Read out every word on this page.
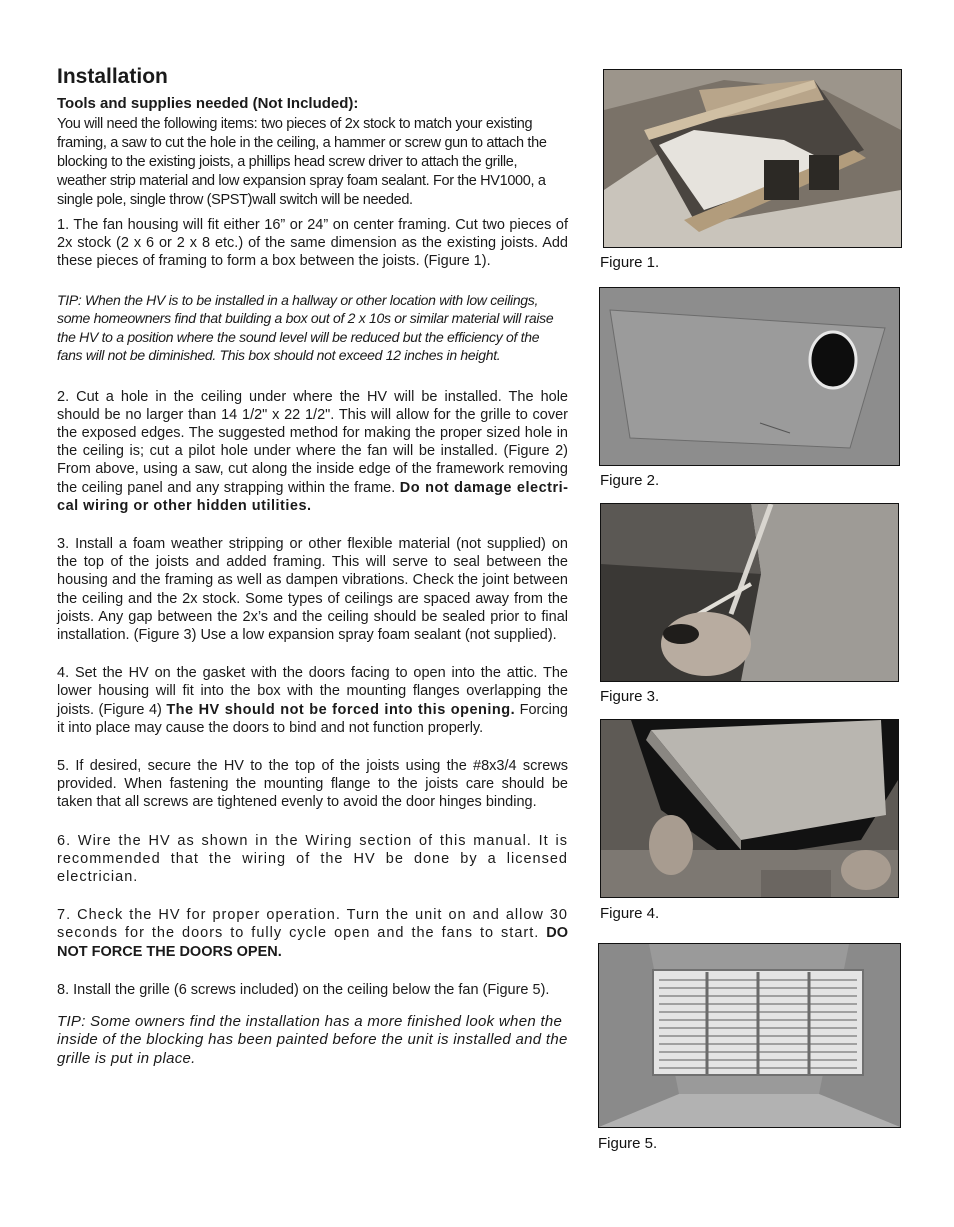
Installation
Tools and supplies needed (Not Included):

You will need the following items: two pieces of 2x stock to match your existing framing, a saw to cut the hole in the ceiling, a hammer or screw gun to attach the blocking to the existing joists, a phillips head screw driver to attach the grille, weather strip material and low expansion spray foam sealant. For the HV1000, a single pole, single throw (SPST)wall switch will be needed.

1. The fan housing will fit either 16” or 24” on center framing. Cut two pieces of 2x stock (2 x 6 or 2 x 8 etc.) of the same dimension as the existing joists. Add these pieces of framing to form a box between the joists. (Figure 1).

TIP: When the HV is to be installed in a hallway or other location with low ceilings, some homeowners find that building a box out of 2 x 10s or similar material will raise the HV to a position where the sound level will be reduced but the efficiency of the fans will not be diminished. This box should not exceed 12 inches in height.

2. Cut a hole in the ceiling under where the HV will be installed. The hole should be no larger than 14 1/2" x 22 1/2". This will allow for the grille to cover the exposed edges. The suggested method for making the proper sized hole in the ceiling is; cut a pilot hole under where the fan will be installed. (Figure 2) From above, using a saw, cut along the inside edge of the framework removing the ceiling panel and any strapping within the frame. Do not damage electrical wiring or other hidden utilities.

3. Install a foam weather stripping or other flexible material (not supplied) on the top of the joists and added framing. This will serve to seal between the housing and the framing as well as dampen vibrations. Check the joint between the ceiling and the 2x stock. Some types of ceilings are spaced away from the joists. Any gap between the 2x’s and the ceiling should be sealed prior to final installation. (Figure 3) Use a low expansion spray foam sealant (not supplied).

4. Set the HV on the gasket with the doors facing to open into the attic. The lower housing will fit into the box with the mounting flanges overlapping the joists. (Figure 4) The HV should not be forced into this opening. Forcing it into place may cause the doors to bind and not function properly.

5. If desired, secure the HV to the top of the joists using the #8x3/4 screws provided. When fastening the mounting flange to the joists care should be taken that all screws are tightened evenly to avoid the door hinges binding.

6. Wire the HV as shown in the Wiring section of this manual. It is recommended that the wiring of the HV be done by a licensed electrician.

7. Check the HV for proper operation. Turn the unit on and allow 30 seconds for the doors to fully cycle open and the fans to start. DO NOT FORCE THE DOORS OPEN.

8. Install the grille (6 screws included) on the ceiling below the fan (Figure 5).

TIP: Some owners find the installation has a more finished look when the inside of the blocking has been painted before the unit is installed and the grille is put in place.

Figure 1.
Figure 2.
Figure 3.
Figure 4.
Figure 5.
